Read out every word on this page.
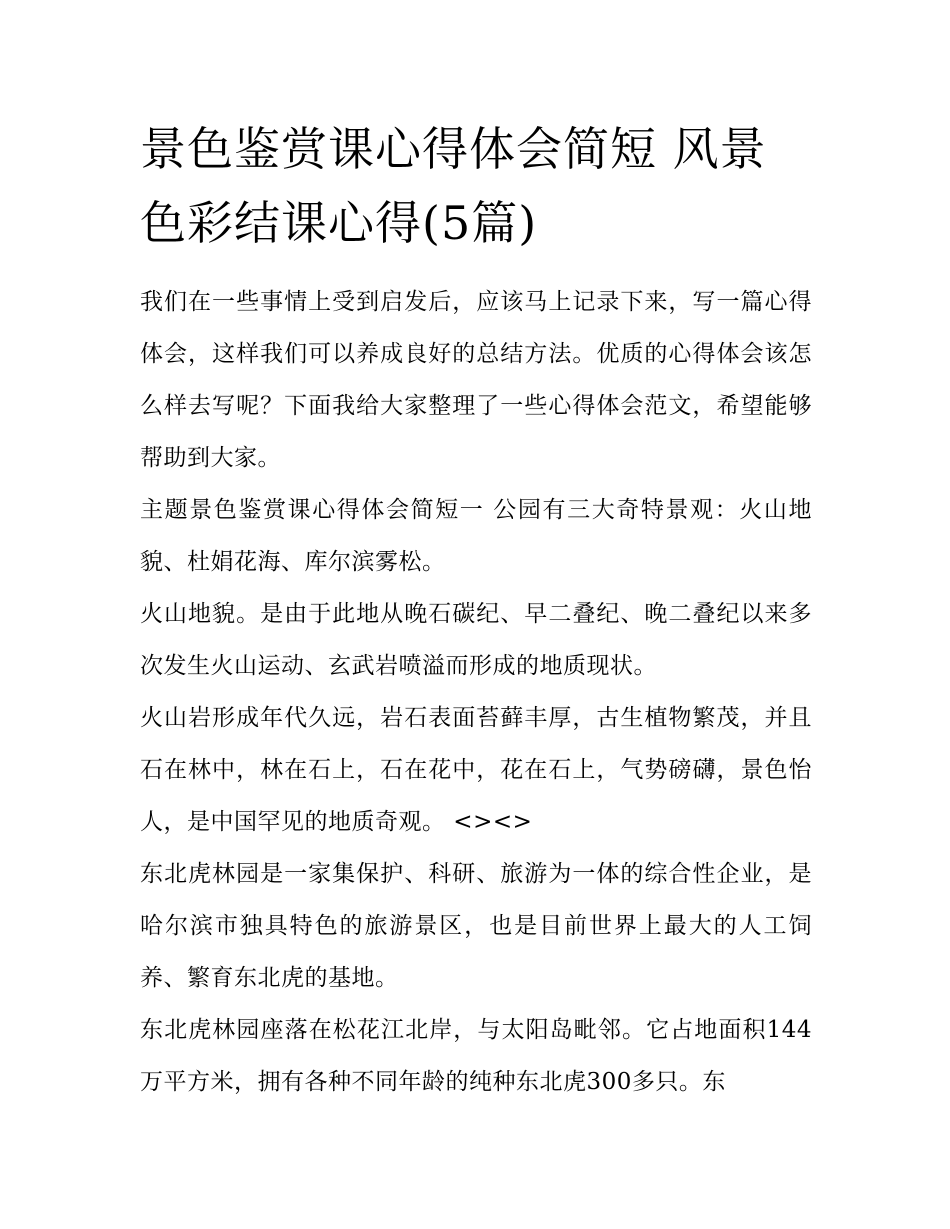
景色鉴赏课心得体会简短 风景色彩结课心得(5篇)

我们在一些事情上受到启发后，应该马上记录下来，写一篇心得体会，这样我们可以养成良好的总结方法。优质的心得体会该怎么样去写呢？下面我给大家整理了一些心得体会范文，希望能够帮助到大家。

主题景色鉴赏课心得体会简短一 公园有三大奇特景观：火山地貌、杜娟花海、库尔滨雾松。

火山地貌。是由于此地从晚石碳纪、早二叠纪、晚二叠纪以来多次发生火山运动、玄武岩喷溢而形成的地质现状。

火山岩形成年代久远，岩石表面苔藓丰厚，古生植物繁茂，并且石在林中，林在石上，石在花中，花在石上，气势磅礴，景色怡人，是中国罕见的地质奇观。 <><>

东北虎林园是一家集保护、科研、旅游为一体的综合性企业，是哈尔滨市独具特色的旅游景区，也是目前世界上最大的人工饲养、繁育东北虎的基地。

东北虎林园座落在松花江北岸，与太阳岛毗邻。它占地面积144万平方米，拥有各种不同年龄的纯种东北虎300多只。东
